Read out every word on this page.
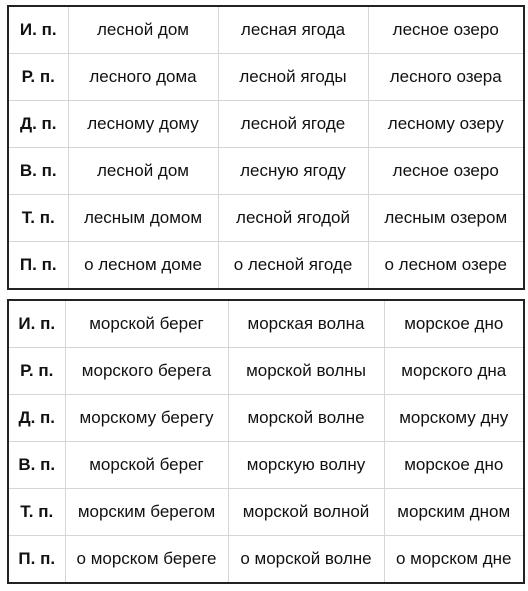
И. п.	лесной дом	лесная ягода	лесное озеро
Р. п.	лесного дома	лесной ягоды	лесного озера
Д. п.	лесному дому	лесной ягоде	лесному озеру
В. п.	лесной дом	лесную ягоду	лесное озеро
Т. п.	лесным домом	лесной ягодой	лесным озером
П. п.	о лесном доме	о лесной ягоде	о лесном озере
И. п.	морской берег	морская волна	морское дно
Р. п.	морского берега	морской волны	морского дна
Д. п.	морскому берегу	морской волне	морскому дну
В. п.	морской берег	морскую волну	морское дно
Т. п.	морским берегом	морской волной	морским дном
П. п.	о морском береге	о морской волне	о морском дне
